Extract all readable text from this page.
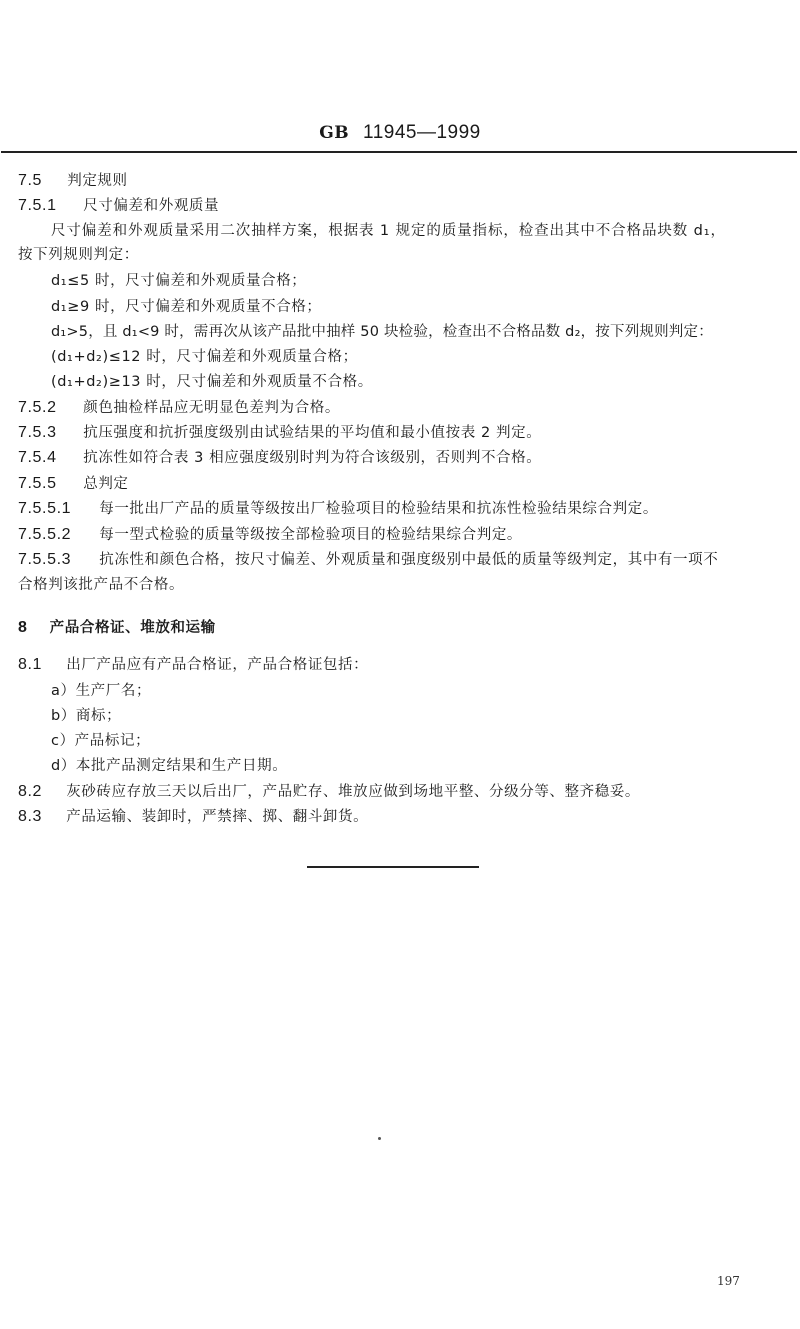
GB 11945—1999
7.5 判定规则
7.5.1 尺寸偏差和外观质量
尺寸偏差和外观质量采用二次抽样方案，根据表 1 规定的质量指标，检查出其中不合格品块数 d₁，
按下列规则判定：
d₁≤5 时，尺寸偏差和外观质量合格；
d₁≥9 时，尺寸偏差和外观质量不合格；
d₁>5，且 d₁<9 时，需再次从该产品批中抽样 50 块检验，检查出不合格品数 d₂，按下列规则判定：
(d₁+d₂)≤12 时，尺寸偏差和外观质量合格；
(d₁+d₂)≥13 时，尺寸偏差和外观质量不合格。
7.5.2 颜色抽检样品应无明显色差判为合格。
7.5.3 抗压强度和抗折强度级别由试验结果的平均值和最小值按表 2 判定。
7.5.4 抗冻性如符合表 3 相应强度级别时判为符合该级别，否则判不合格。
7.5.5 总判定
7.5.5.1 每一批出厂产品的质量等级按出厂检验项目的检验结果和抗冻性检验结果综合判定。
7.5.5.2 每一型式检验的质量等级按全部检验项目的检验结果综合判定。
7.5.5.3 抗冻性和颜色合格，按尺寸偏差、外观质量和强度级别中最低的质量等级判定，其中有一项不
合格判该批产品不合格。
8 产品合格证、堆放和运输
8.1 出厂产品应有产品合格证，产品合格证包括：
a）生产厂名；
b）商标；
c）产品标记；
d）本批产品测定结果和生产日期。
8.2 灰砂砖应存放三天以后出厂，产品贮存、堆放应做到场地平整、分级分等、整齐稳妥。
8.3 产品运输、装卸时，严禁摔、掷、翻斗卸货。
197
